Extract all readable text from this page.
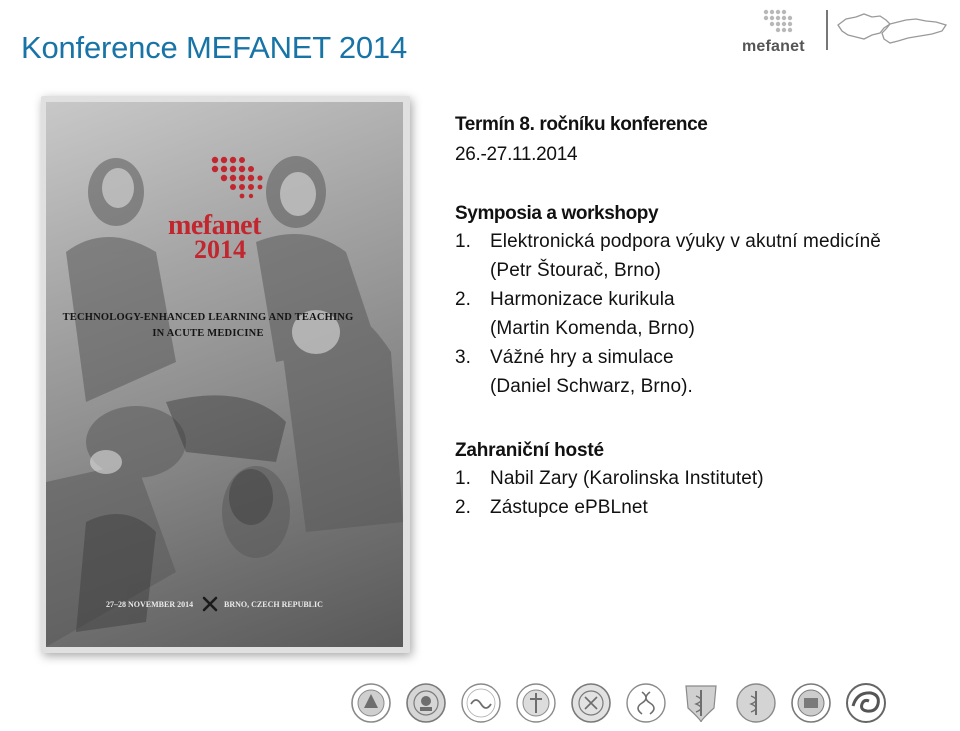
Konference MEFANET 2014	mefanet
mefanet
2014
TECHNOLOGY-ENHANCED LEARNING AND TEACHING
IN ACUTE MEDICINE
27–28 NOVEMBER 2014	BRNO, CZECH REPUBLIC
Termín 8. ročníku konference
26.-27.11.2014
Symposia a workshopy
1. Elektronická podpora výuky v akutní medicíně
(Petr Štourač, Brno)
2. Harmonizace kurikula
(Martin Komenda, Brno)
3. Vážné hry a simulace
(Daniel Schwarz, Brno).
Zahraniční hosté
1. Nabil Zary (Karolinska Institutet)
2. Zástupce ePBLnet
